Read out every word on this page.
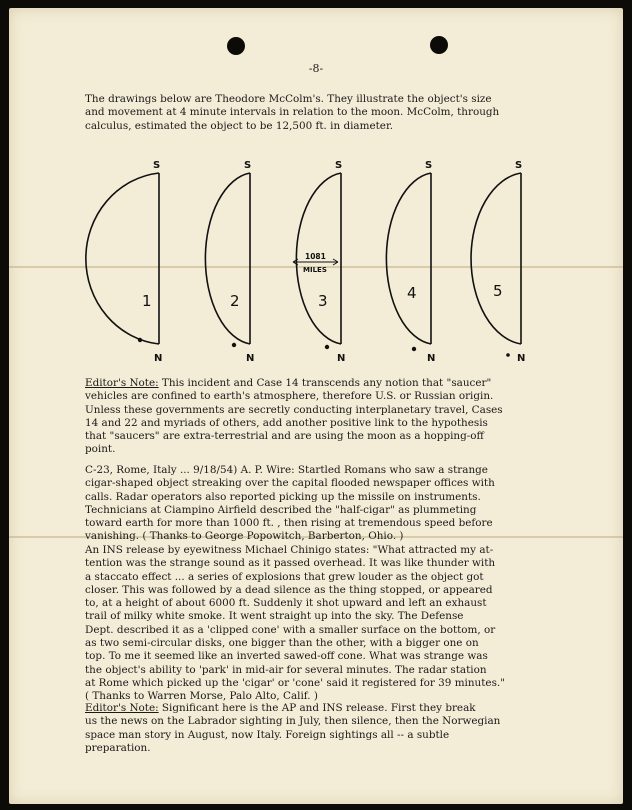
-8-

The drawings below are Theodore McColm's. They illustrate the object's size
and movement at 4 minute intervals in relation to the moon. McColm, through
calculus, estimated the object to be 12,500 ft. in diameter.

S
N
1
S
N
2
S
N
3
1081
MILES
S
N
4
S
N
5

Editor's Note: This incident and Case 14 transcends any notion that "saucer"
vehicles are confined to earth's atmosphere, therefore U.S. or Russian origin.
Unless these governments are secretly conducting interplanetary travel, Cases
14 and 22 and myriads of others, add another positive link to the hypothesis
that "saucers" are extra-terrestrial and are using the moon as a hopping-off
point.

C-23, Rome, Italy ... 9/18/54) A. P. Wire: Startled Romans who saw a strange
cigar-shaped object streaking over the capital flooded newspaper offices with
calls. Radar operators also reported picking up the missile on instruments.
Technicians at Ciampino Airfield described the "half-cigar" as plummeting
toward earth for more than 1000 ft. , then rising at tremendous speed before
vanishing. ( Thanks to George Popowitch, Barberton, Ohio. )

An INS release by eyewitness Michael Chinigo states: "What attracted my at-
tention was the strange sound as it passed overhead. It was like thunder with
a staccato effect ... a series of explosions that grew louder as the object got
closer. This was followed by a dead silence as the thing stopped, or appeared
to, at a height of about 6000 ft. Suddenly it shot upward and left an exhaust
trail of milky white smoke. It went straight up into the sky. The Defense
Dept. described it as a 'clipped cone' with a smaller surface on the bottom, or
as two semi-circular disks, one bigger than the other, with a bigger one on
top. To me it seemed like an inverted sawed-off cone. What was strange was
the object's ability to 'park' in mid-air for several minutes. The radar station
at Rome which picked up the 'cigar' or 'cone' said it registered for 39 minutes."
( Thanks to Warren Morse, Palo Alto, Calif. )

Editor's Note: Significant here is the AP and INS release. First they break
us the news on the Labrador sighting in July, then silence, then the Norwegian
space man story in August, now Italy. Foreign sightings all -- a subtle
preparation.
